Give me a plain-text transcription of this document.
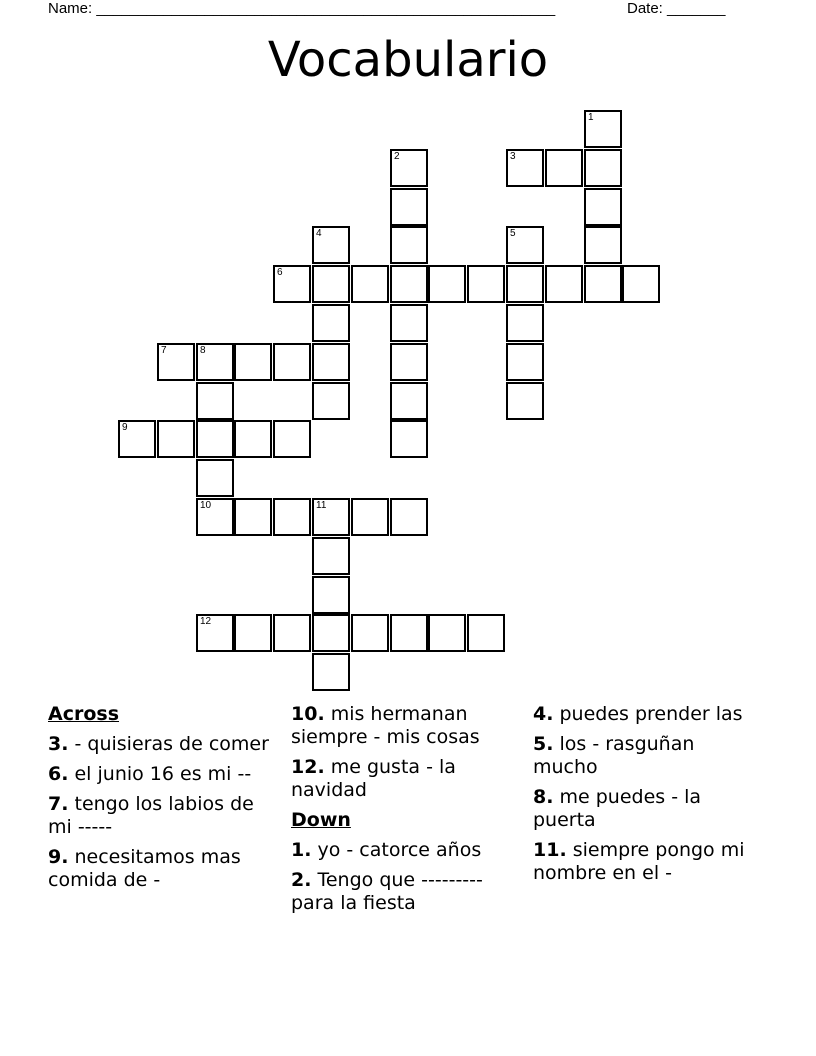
Name: _______________________________________________________	Date: _______
Vocabulario
1
2	3
4	5
6
7	8
9
10	11
12
Across
3. - quisieras de comer
6. el junio 16 es mi --
7. tengo los labios de mi -----
9. necesitamos mas comida de -
10. mis hermanan siempre - mis cosas
12. me gusta - la navidad
Down
1. yo - catorce años
2. Tengo que --------- para la fiesta
4. puedes prender las
5. los - rasguñan mucho
8. me puedes - la puerta
11. siempre pongo mi nombre en el -
